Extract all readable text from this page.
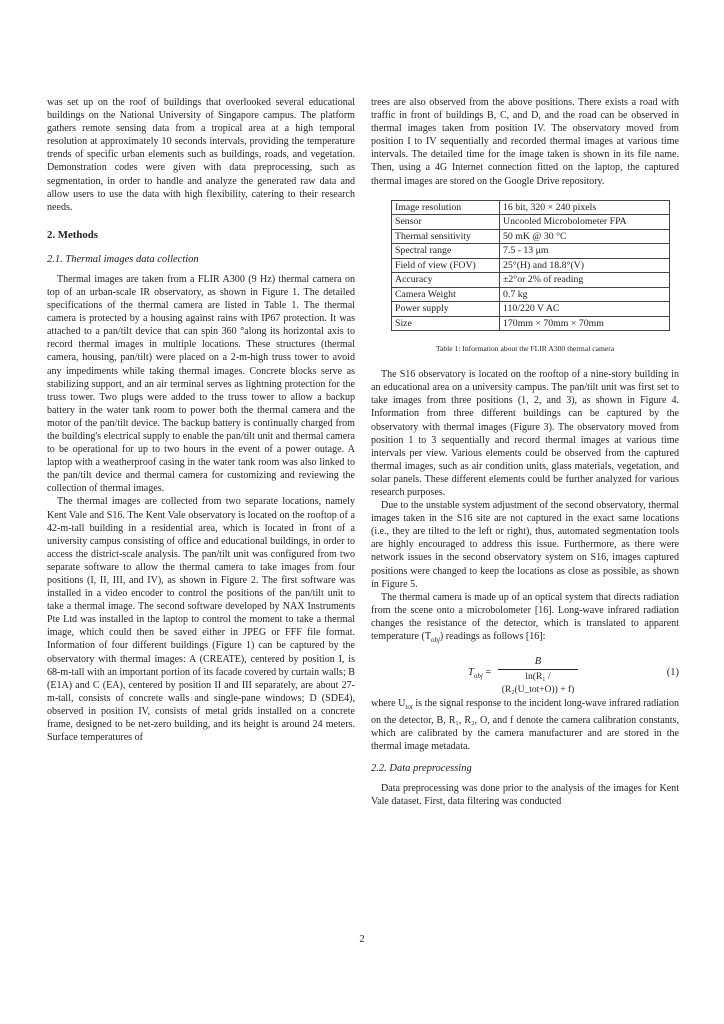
was set up on the roof of buildings that overlooked several educational buildings on the National University of Singapore campus. The platform gathers remote sensing data from a tropical area at a high temporal resolution at approximately 10 seconds intervals, providing the temperature trends of specific urban elements such as buildings, roads, and vegetation. Demonstration codes were given with data preprocessing, such as segmentation, in order to handle and analyze the generated raw data and allow users to use the data with high flexibility, catering to their research needs.

2. Methods
2.1. Thermal images data collection

Thermal images are taken from a FLIR A300 (9 Hz) thermal camera on top of an urban-scale IR observatory, as shown in Figure 1. The detailed specifications of the thermal camera are listed in Table 1. The thermal camera is protected by a housing against rains with IP67 protection. It was attached to a pan/tilt device that can spin 360 °along its horizontal axis to record thermal images in multiple locations. These structures (thermal camera, housing, pan/tilt) were placed on a 2-m-high truss tower to avoid any impediments while taking thermal images. Concrete blocks serve as stabilizing support, and an air terminal serves as lightning protection for the truss tower. Two plugs were added to the truss tower to allow a backup battery in the water tank room to power both the thermal camera and the motor of the pan/tilt device. The backup battery is continually charged from the building's electrical supply to enable the pan/tilt unit and thermal camera to be operational for up to two hours in the event of a power outage. A laptop with a weatherproof casing in the water tank room was also linked to the pan/tilt device and thermal camera for customizing and reviewing the collection of thermal images.

The thermal images are collected from two separate locations, namely Kent Vale and S16. The Kent Vale observatory is located on the rooftop of a 42-m-tall building in a residential area, which is located in front of a university campus consisting of office and educational buildings, in order to access the district-scale analysis. The pan/tilt unit was configured from two separate software to allow the thermal camera to take images from four positions (I, II, III, and IV), as shown in Figure 2. The first software was installed in a video encoder to control the positions of the pan/tilt unit to take a thermal image. The second software developed by NAX Instruments Pte Ltd was installed in the laptop to control the moment to take a thermal image, which could then be saved either in JPEG or FFF file format. Information of four different buildings (Figure 1) can be captured by the observatory with thermal images: A (CREATE), centered by position I, is 68-m-tall with an important portion of its facade covered by curtain walls; B (E1A) and C (EA), centered by position II and III separately, are about 27-m-tall, consists of concrete walls and single-pane windows; D (SDE4), observed in position IV, consists of metal grids installed on a concrete frame, designed to be net-zero building, and its height is around 24 meters. Surface temperatures of

trees are also observed from the above positions. There exists a road with traffic in front of buildings B, C, and D, and the road can be observed in thermal images taken from position IV. The observatory moved from position I to IV sequentially and recorded thermal images at various time intervals. The detailed time for the image taken is shown in its file name. Then, using a 4G Internet connection fitted on the laptop, the captured thermal images are stored on the Google Drive repository.

Image resolution	16 bit, 320 × 240 pixels
Sensor	Uncooled Microbolometer FPA
Thermal sensitivity	50 mK @ 30 °C
Spectral range	7.5 - 13 μm
Field of view (FOV)	25°(H) and 18.8°(V)
Accuracy	±2°or 2% of reading
Camera Weight	0.7 kg
Power supply	110/220 V AC
Size	170mm × 70mm × 70mm
Table 1: Information about the FLIR A300 thermal camera

The S16 observatory is located on the rooftop of a nine-story building in an educational area on a university campus. The pan/tilt unit was first set to take images from three positions (1, 2, and 3), as shown in Figure 4. Information from three different buildings can be captured by the observatory with thermal images (Figure 3). The observatory moved from position 1 to 3 sequentially and record thermal images at various time intervals per view. Various elements could be observed from the captured thermal images, such as air condition units, glass materials, vegetation, and solar panels. These different elements could be further analyzed for various research purposes.

Due to the unstable system adjustment of the second observatory, thermal images taken in the S16 site are not captured in the exact same locations (i.e., they are tilted to the left or right), thus, automated segmentation tools are highly encouraged to address this issue. Furthermore, as there were network issues in the second observatory system on S16, images captured positions were changed to keep the locations as close as possible, as shown in Figure 5.

The thermal camera is made up of an optical system that directs radiation from the scene onto a microbolometer [16]. Long-wave infrared radiation changes the resistance of the detector, which is translated to apparent temperature $(T_{obj})$ readings as follows [16]:

$T_{obj}$ =
B
ln(R₁ / (R₂(U_tot+O)) + f)
(1)

where $U_{tot}$ is the signal response to the incident long-wave infrared radiation on the detector, B, R₁, R₂, O, and f denote the camera calibration constants, which are calibrated by the camera manufacturer and are stored in the thermal image metadata.

2.2. Data preprocessing

Data preprocessing was done prior to the analysis of the images for Kent Vale dataset. First, data filtering was conducted

2
